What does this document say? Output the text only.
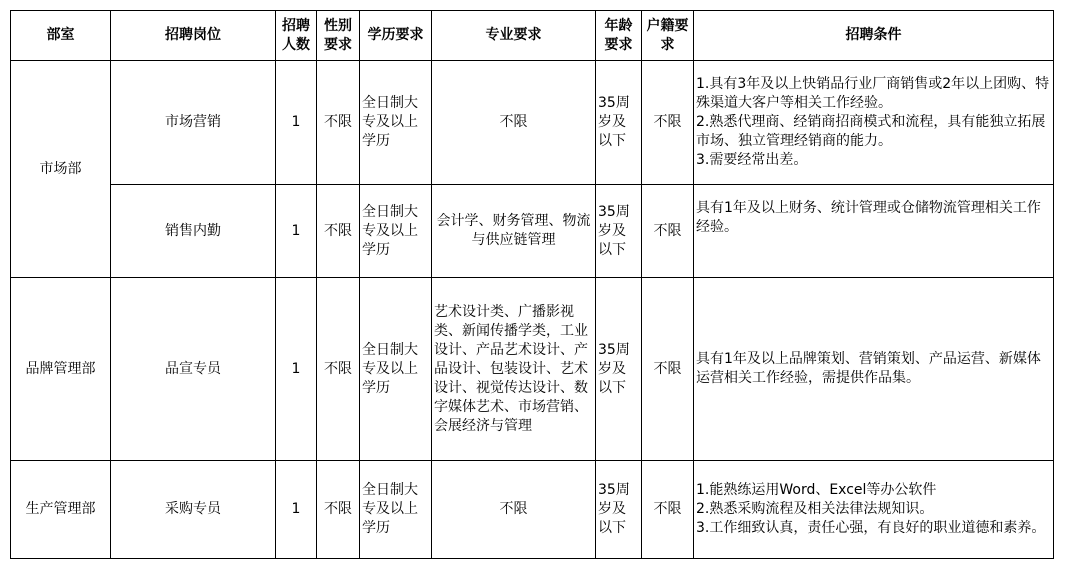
部室	招聘岗位	招聘人数	性别要求	学历要求	专业要求	年龄要求	户籍要求	招聘条件
市场部	市场营销	1	不限	全日制大专及以上学历	不限	35周岁及以下	不限	1.具有3年及以上快销品行业厂商销售或2年以上团购、特殊渠道大客户等相关工作经验。
2.熟悉代理商、经销商招商模式和流程，具有能独立拓展市场、独立管理经销商的能力。
3.需要经常出差。

	销售内勤	1	不限	全日制大专及以上学历	会计学、财务管理、物流与供应链管理	35周岁及以下	不限	具有1年及以上财务、统计管理或仓储物流管理相关工作经验。

品牌管理部	品宣专员	1	不限	全日制大专及以上学历	艺术设计类、广播影视类、新闻传播学类，工业设计、产品艺术设计、产品设计、包装设计、艺术设计、视觉传达设计、数字媒体艺术、市场营销、会展经济与管理	35周岁及以下	不限	具有1年及以上品牌策划、营销策划、产品运营、新媒体运营相关工作经验，需提供作品集。

生产管理部	采购专员	1	不限	全日制大专及以上学历	不限	35周岁及以下	不限	1.能熟练运用Word、Excel等办公软件
2.熟悉采购流程及相关法律法规知识。
3.工作细致认真，责任心强，有良好的职业道德和素养。
